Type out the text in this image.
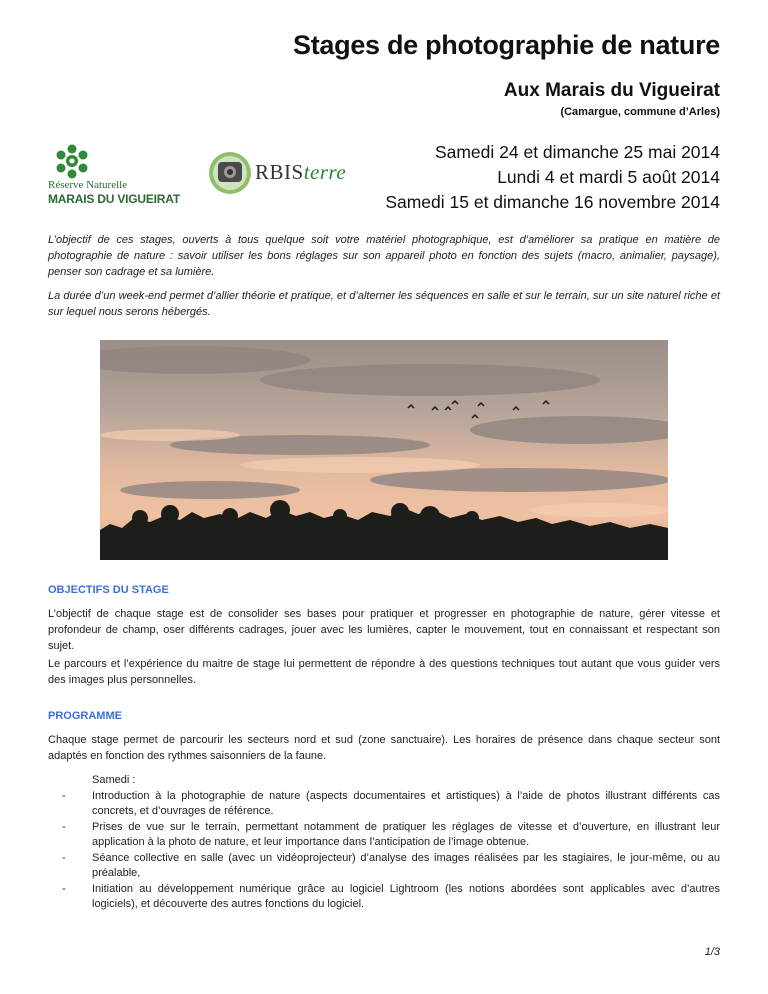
Stages de photographie de nature
Aux Marais du Vigueirat
(Camargue, commune d’Arles)
Samedi 24 et dimanche 25 mai 2014
Lundi 4 et mardi 5 août 2014
Samedi 15 et dimanche 16 novembre 2014
Réserve Naturelle
MARAIS DU VIGUEIRAT
RBISterre

L’objectif de ces stages, ouverts à tous quelque soit votre matériel photographique, est d’améliorer sa pratique en matière de photographie de nature : savoir utiliser les bons réglages sur son appareil photo en fonction des sujets (macro, animalier, paysage), penser son cadrage et sa lumière.

La durée d’un week-end permet d’allier théorie et pratique, et d’alterner les séquences en salle et sur le terrain, sur un site naturel riche et sur lequel nous serons hébergés.

OBJECTIFS DU STAGE

L’objectif de chaque stage est de consolider ses bases pour pratiquer et progresser en photographie de nature, gérer vitesse et profondeur de champ, oser différents cadrages, jouer avec les lumières, capter le mouvement, tout en connaissant et respectant son sujet.

Le parcours et l’expérience du maitre de stage lui permettent de répondre à des questions techniques tout autant que vous guider vers des images plus personnelles.

PROGRAMME

Chaque stage permet de parcourir les secteurs nord et sud (zone sanctuaire). Les horaires de présence dans chaque secteur sont adaptés en fonction des rythmes saisonniers de la faune.

Samedi :
-	Introduction à la photographie de nature (aspects documentaires et artistiques) à l’aide de photos illustrant différents cas concrets, et d’ouvrages de référence.
-	Prises de vue sur le terrain, permettant notamment de pratiquer les réglages de vitesse et d’ouverture, en illustrant leur application à la photo de nature, et leur importance dans l’anticipation de l’image obtenue.
-	Séance collective en salle (avec un vidéoprojecteur) d’analyse des images réalisées par les stagiaires, le jour-même, ou au préalable,
-	Initiation au développement numérique grâce au logiciel Lightroom (les notions abordées sont applicables avec d’autres logiciels), et découverte des autres fonctions du logiciel.
1/3
